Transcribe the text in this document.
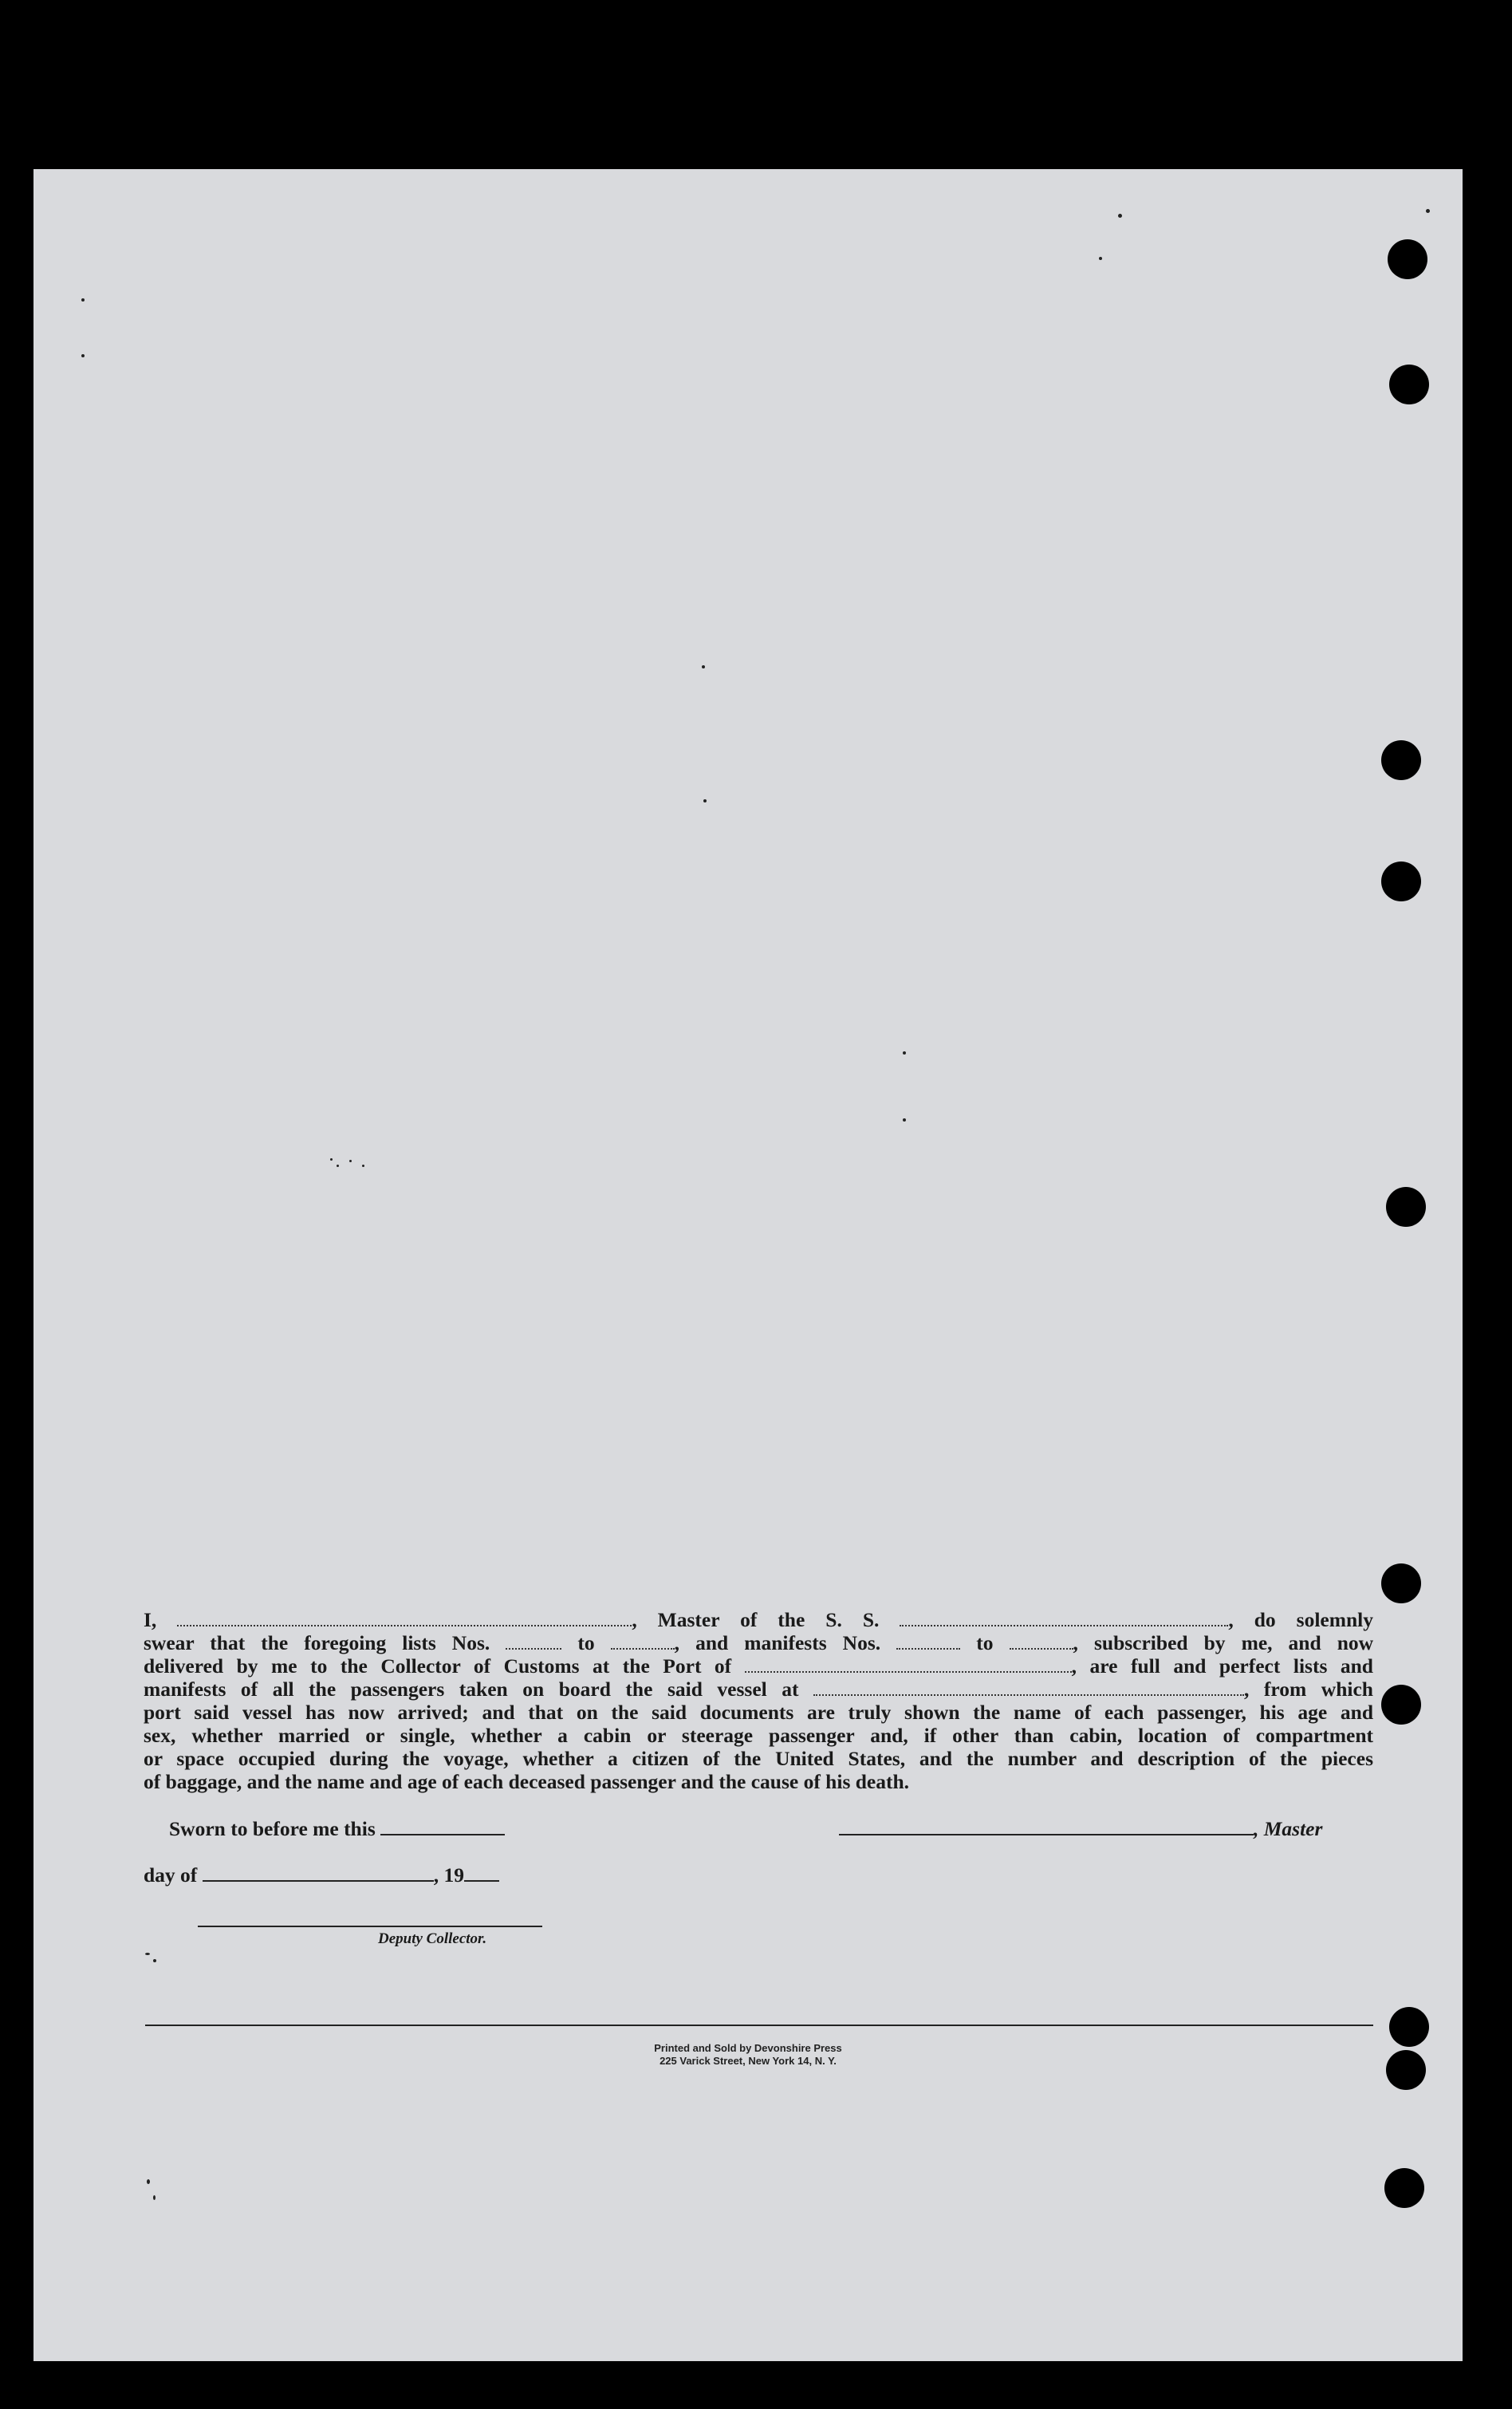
I,	, Master of the S. S.	, do solemnly
swear that the foregoing lists Nos.	to	, and manifests Nos.	to	, subscribed by me, and now
delivered by me to the Collector of Customs at the Port of	, are full and perfect lists and
manifests of all the passengers taken on board the said vessel at	, from which
port said vessel has now arrived; and that on the said documents are truly shown the name of each passenger, his age and
sex, whether married or single, whether a cabin or steerage passenger and, if other than cabin, location of compartment
or space occupied during the voyage, whether a citizen of the United States, and the number and description of the pieces
of baggage, and the name and age of each deceased passenger and the cause of his death.
Sworn to before me this	, Master
day of	, 19
Deputy Collector.
Printed and Sold by Devonshire Press
225 Varick Street, New York 14, N. Y.
